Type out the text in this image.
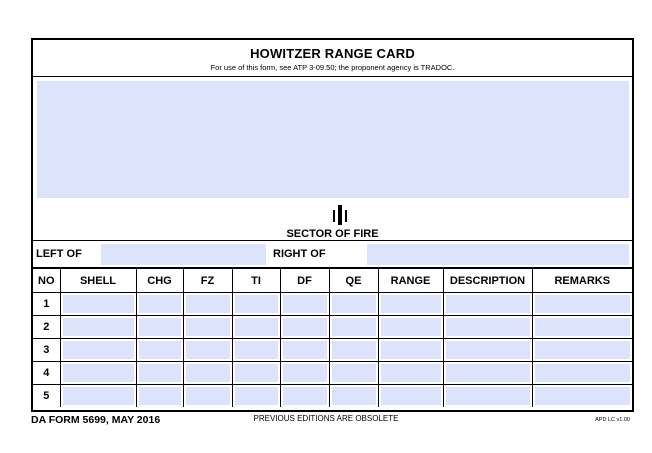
HOWITZER RANGE CARD
For use of this form, see ATP 3-09.50; the proponent agency is TRADOC.
SECTOR OF FIRE
LEFT OF	RIGHT OF
NO	SHELL	CHG	FZ	TI	DF	QE	RANGE	DESCRIPTION	REMARKS
1	

2	

3	

4	

5	

DA FORM 5699, MAY 2016	PREVIOUS EDITIONS ARE OBSOLETE	APD LC v1.00
